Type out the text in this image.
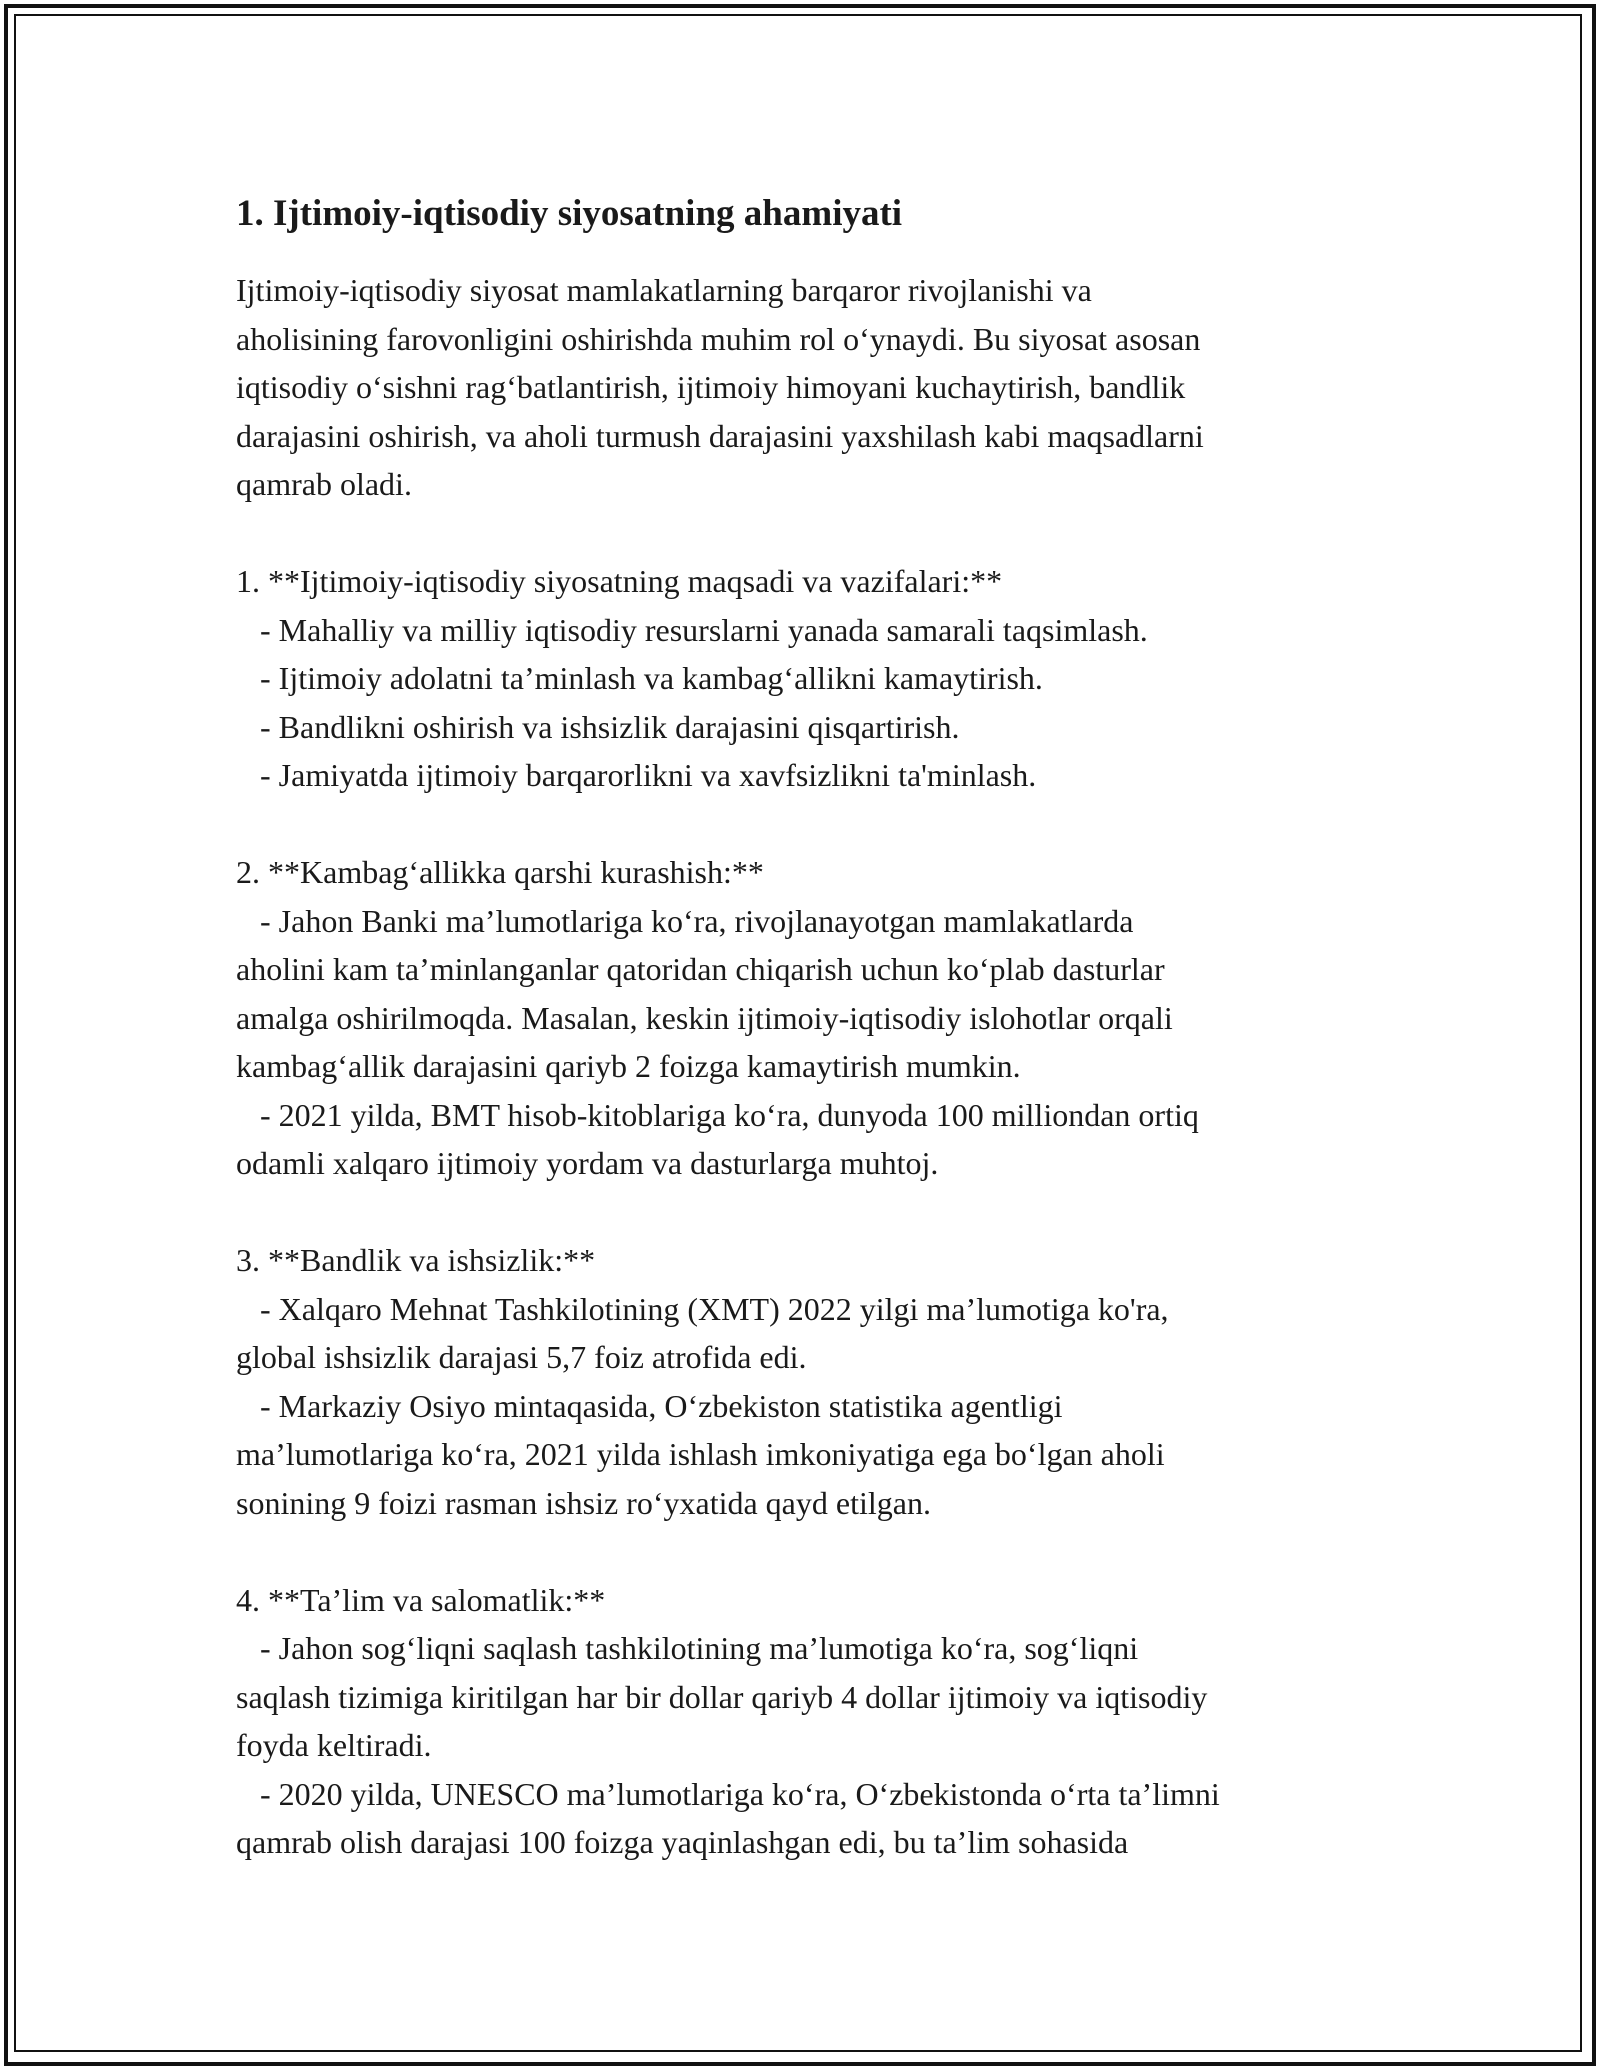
1. Ijtimoiy-iqtisodiy siyosatning ahamiyati

Ijtimoiy-iqtisodiy siyosat mamlakatlarning barqaror rivojlanishi va
aholisining farovonligini oshirishda muhim rol o‘ynaydi. Bu siyosat asosan
iqtisodiy o‘sishni rag‘batlantirish, ijtimoiy himoyani kuchaytirish, bandlik
darajasini oshirish, va aholi turmush darajasini yaxshilash kabi maqsadlarni
qamrab oladi.

1. **Ijtimoiy-iqtisodiy siyosatning maqsadi va vazifalari:**

- Mahalliy va milliy iqtisodiy resurslarni yanada samarali taqsimlash.

- Ijtimoiy adolatni ta’minlash va kambag‘allikni kamaytirish.

- Bandlikni oshirish va ishsizlik darajasini qisqartirish.

- Jamiyatda ijtimoiy barqarorlikni va xavfsizlikni ta'minlash.

2. **Kambag‘allikka qarshi kurashish:**

- Jahon Banki ma’lumotlariga ko‘ra, rivojlanayotgan mamlakatlarda
aholini kam ta’minlanganlar qatoridan chiqarish uchun ko‘plab dasturlar
amalga oshirilmoqda. Masalan, keskin ijtimoiy-iqtisodiy islohotlar orqali
kambag‘allik darajasini qariyb 2 foizga kamaytirish mumkin.

- 2021 yilda, BMT hisob-kitoblariga ko‘ra, dunyoda 100 milliondan ortiq
odamli xalqaro ijtimoiy yordam va dasturlarga muhtoj.

3. **Bandlik va ishsizlik:**

- Xalqaro Mehnat Tashkilotining (XMT) 2022 yilgi ma’lumotiga ko'ra,
global ishsizlik darajasi 5,7 foiz atrofida edi.

- Markaziy Osiyo mintaqasida, O‘zbekiston statistika agentligi
ma’lumotlariga ko‘ra, 2021 yilda ishlash imkoniyatiga ega bo‘lgan aholi
sonining 9 foizi rasman ishsiz ro‘yxatida qayd etilgan.

4. **Ta’lim va salomatlik:**

- Jahon sog‘liqni saqlash tashkilotining ma’lumotiga ko‘ra, sog‘liqni
saqlash tizimiga kiritilgan har bir dollar qariyb 4 dollar ijtimoiy va iqtisodiy
foyda keltiradi.

- 2020 yilda, UNESCO ma’lumotlariga ko‘ra, O‘zbekistonda o‘rta ta’limni
qamrab olish darajasi 100 foizga yaqinlashgan edi, bu ta’lim sohasida
